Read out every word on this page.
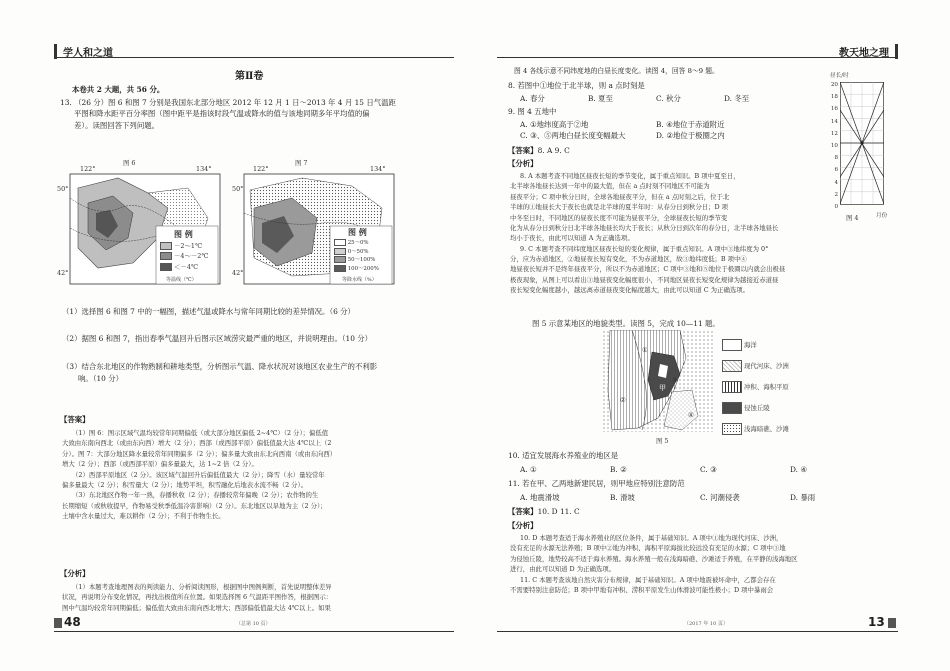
学人和之道	教天地之理
第Ⅱ卷
本卷共 2 大题，共 56 分。
13. （26 分）图 6 和图 7 分别是我国东北部分地区 2012 年 12 月 1 日～2013 年 4 月 15 日气温距
平图和降水距平百分率图（图中距平是指该时段气温或降水的值与该地同期多年平均值的偏
差）。读图回答下列问题。
图 6
122°	134°
50°
42°
图 例
－2～1℃
－4～－2℃
＜－4℃
等温线（℃）
图 7
122°	134°
50°
42°
图 例
25～0%
0～50%
50～100%
100～200%
等降水线（%）
（1）选择图 6 和图 7 中的一幅图，描述气温或降水与常年同期比较的差异情况。（6 分）
（2）据图 6 和图 7，指出春季气温回升后图示区域涝灾最严重的地区，并说明理由。（10 分）
（3）结合东北地区的作物熟制和耕地类型，分析图示气温、降水状况对该地区农业生产的不利影
响。（10 分）
【答案】
（1）图 6：图示区域气温均较常年同期偏低（或大部分地区偏低 2~4℃）（2 分）；偏低值
大致由东南向西北（或由东向西）增大（2 分）；西部（或西部平原）偏低值最大达 4℃以上（2
分）。图 7：大部分地区降水量较常年同期偏多（2 分）；偏多量大致由东北向西南（或由东向西）
增大（2 分）；西部（或西部平原）偏多量最大，达 1~2 倍（2 分）。
（2）西部平原地区（2 分）。该区域气温回升后偏低值最大（2 分）；降雪（水）量较常年
偏多量最大（2 分）；积雪量大（2 分）；地势平坦，积雪融化后地表水流不畅（2 分）。
（3）东北地区作物一年一熟，春播秋收（2 分）；春播较常年偏晚（2 分）；农作物的生
长期缩短（或秋收提早，作物易受秋季低温冷害影响）（2 分）。东北地区以旱地为主（2 分）；
土壤中含水量过大，难以耕作（2 分）；不利于作物生长。
【分析】
（1）本题考查地理图表的判读能力、分析阅读图形，根据图中图例判断，首先说明整体差异
状况，再说明分布变化情况，再找出极值所在位置。如果选择图 6 气温距平图作答，根据图示：
图中气温均较常年同期偏低；偏低值大致由东南向西北增大；西部偏低值最大达 4℃以上。如果
48	（总第 10 页）
图 4 各线示意不同纬度地的白昼长度变化。读图 4，回答 8～9 题。
8. 若图中①地位于北半球，则 a 点时刻是
A. 春分	B. 夏至	C. 秋分	D. 冬至
9. 图 4 五地中
A. ①地纬度高于②地	B. ④地位于赤道附近
C. ③、⑤两地白昼长度变幅最大	D. ②地位于极圈之内
【答案】8. A 9. C
【分析】
8. A 本题考查不同地区昼夜长短的季节变化，属于重点知识。B 项中夏至日，
北半球各地昼长达到一年中的最大值，但在 a 点时刻不同地区不可能为
昼夜平分；C 项中秋分日时，全球各地昼夜平分，但在 a 点时刻之后，位于北
半球的①地昼长大于夜长也就是北半球的夏半年时：从春分日到秋分日；D 项
中冬至日时，不同地区的昼夜长度不可能为昼夜平分，全球昼夜长短的季节变
化为从春分日到秋分日北半球各地昼长均大于夜长；从秋分日到次年的春分日，北半球各地昼长
均小于夜长，由此可以知道 A 为正确选项。
9. C 本题考查不同纬度地区昼夜长短的变化规律，属于重点知识。A 项中③地纬度为 0°
分，应为赤道地区，②地昼夜长短有变化，不为赤道地区，故③地纬度低；B 项中④
地昼夜长短并不是终年昼夜平分，所以不为赤道地区；C 项中③地和⑤地位于极圈以内就会出极昼
极夜现象，从图上可以看出③地昼夜变化幅度很小，不同地区昼夜长短变化规律为越接近赤道昼
夜长短变化幅度越小，越远离赤道昼夜变化幅度越大，由此可以知道 C 为正确选项。
昼长/时
20
18
16
14
12
10
8
6
4
2
0
图 4	月份
图 5 示意某地区的地貌类型。读图 5，完成 10—11 题。
乙
甲
①
②
③
④
图 5
海洋
现代河床、沙洲
冲积、海积平原
侵蚀丘陵
浅海暗礁、沙滩
10. 适宜发展海水养殖业的地区是
A. ①	B. ②	C. ③	D. ④
11. 若在甲、乙两地新建民居，则甲地应特别注意防范
A. 地震滑坡	B. 滑坡	C. 河潮侵袭	D. 暴雨
【答案】10. D 11. C
【分析】
10. D 本题考查适于海水养殖业的区位条件，属于基础知识。A 项中①地为现代河床、沙洲，
没有充足的水源无法养殖；B 项中②地为冲积、海积平原海拔比较远没有充足的水源；C 项中③地
为侵蚀丘陵，地势较高不适于海水养殖。海水养殖一般在浅海暗礁、沙滩适于养殖，在平静的浅海地区
进行，由此可以知道 D 为正确选项。
11. C 本题考查该地自然灾害分布规律，属于基础知识。A 项中地震被坏命中，乙都会存在
不需要特别注意防范；B 项中甲地有冲积、涝积平原发生山体滑波可能性极小；D 项中暴雨会
13
（2017 年 10 页）
